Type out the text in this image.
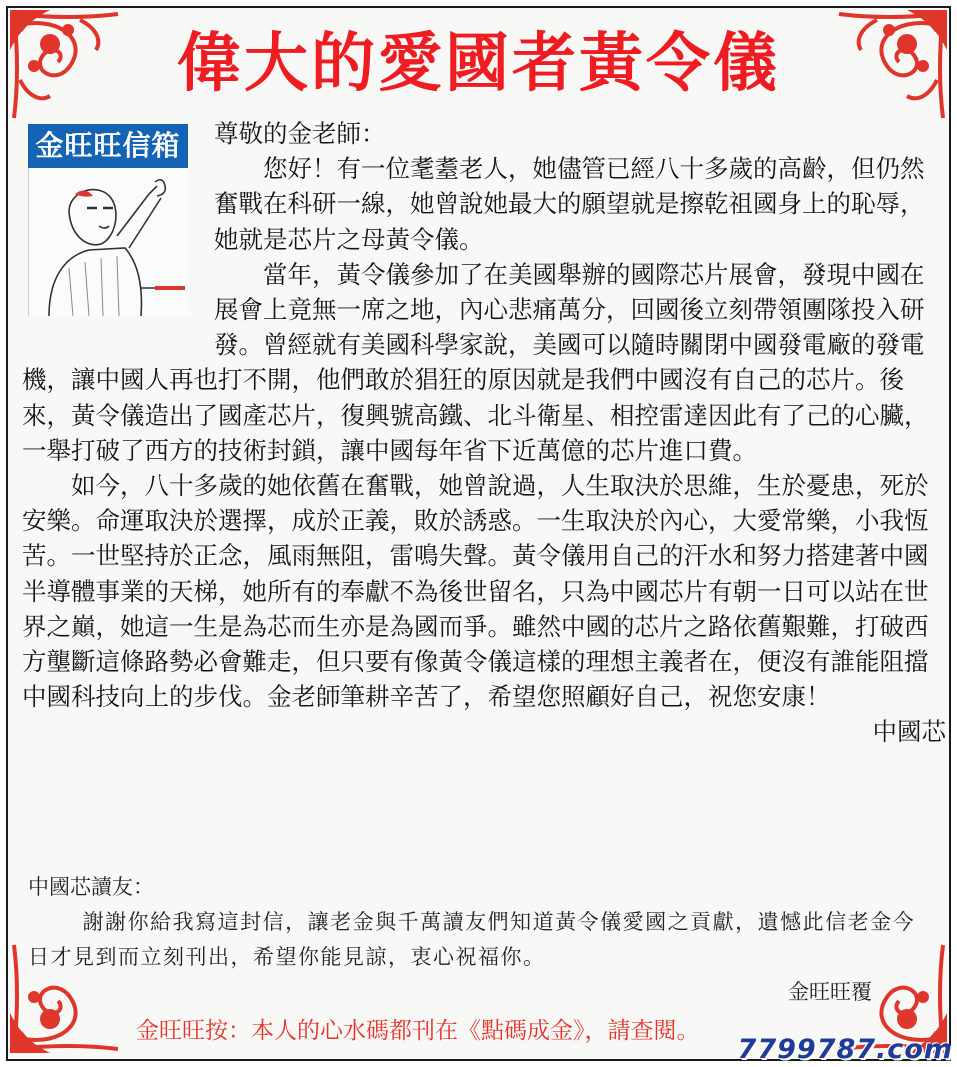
偉大的愛國者黃令儀
金旺旺信箱	尊敬的金老師：

您好！有一位耄耋老人，她儘管已經八十多歲的高齡，但仍然奮戰在科研一線，她曾說她最大的願望就是擦乾祖國身上的恥辱，她就是芯片之母黃令儀。

當年，黃令儀參加了在美國舉辦的國際芯片展會，發現中國在展會上竟無一席之地，內心悲痛萬分，回國後立刻帶領團隊投入研發。曾經就有美國科學家說，美國可以隨時關閉中國發電廠的發電機，讓中國人再也打不開，他們敢於猖狂的原因就是我們中國沒有自己的芯片。後來，黃令儀造出了國產芯片，復興號高鐵、北斗衛星、相控雷達因此有了己的心臟，一舉打破了西方的技術封鎖，讓中國每年省下近萬億的芯片進口費。

如今，八十多歲的她依舊在奮戰，她曾說過，人生取決於思維，生於憂患，死於安樂。命運取決於選擇，成於正義，敗於誘惑。一生取決於內心，大愛常樂，小我恆苦。一世堅持於正念，風雨無阻，雷鳴失聲。黃令儀用自己的汗水和努力搭建著中國半導體事業的天梯，她所有的奉獻不為後世留名，只為中國芯片有朝一日可以站在世界之巔，她這一生是為芯而生亦是為國而爭。雖然中國的芯片之路依舊艱難，打破西方壟斷這條路勢必會難走，但只要有像黃令儀這樣的理想主義者在，便沒有誰能阻擋中國科技向上的步伐。金老師筆耕辛苦了，希望您照顧好自己，祝您安康！

中國芯

中國芯讀友：

謝謝你給我寫這封信，讓老金與千萬讀友們知道黃令儀愛國之貢獻，遺憾此信老金今日才見到而立刻刊出，希望你能見諒，衷心祝福你。

金旺旺覆

金旺旺按：本人的心水碼都刊在《點碼成金》，請查閱。
7799787.com
